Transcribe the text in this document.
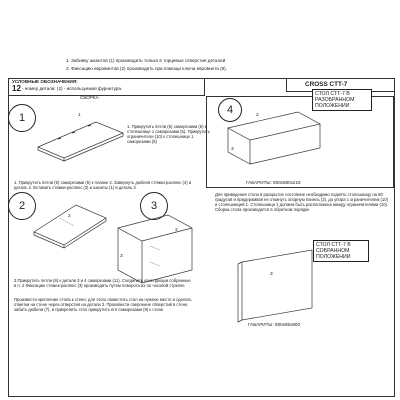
1. Забивку шкантов (1) производить только в торцевые отверстия деталей
2. Фиксацию евровинтов (2) производить при помощи ключа евровинта (8).
CROSS CTT-7
УСЛОВНЫЕ ОБОЗНАЧЕНИЯ:
12 - номер детали; (2) - используемая фурнитура.
СБОРКА
1	1
1. Прикрутить петли (6) саморезами (5) к столешнице 1 саморезами (5). Прикрутить ограничители (10) к столешнице 1 саморезами (5)
1. Прикрутить петли (6) саморезами (5) к планке 2. Завернуть дюбеля стяжки-распекс (4) в деталь 2. Вставить стяжки-распекс (3) и шканты (1) в деталь 3
2
2
3
2
3
3.Прикрутить петли (6) к детали 3 и 4 саморезами (11). Соединить конструкции собранные в п. 2 Фиксацию стяжек-распекс (3) производить путем поворота их по часовой стрелке
Произвести крепление стола к стене; для этого поместить стол на нужное место и сделать отметки на стене через отверстия на детали 3. Произвести сверление отверстий в стене, забить дюбели (7), и прикрепить стол прикрутить его саморезами (9) к стене
4
СТОЛ СТТ-7 В РАЗОБРАННОМ ПОЛОЖЕНИИ
2
3
ГАБАРИТЫ: 800х580х218
Для приведения стола в раскрытое состояние необходимо поднять столешницу на 90 градусов и придерживая ее откинуть опорную панель (3), до упора с ограничителем (10) и столешницей 1. Столешница 1 должна быть расположена между ограничителями (10). Сборка стола производится в обратном порядке
СТОЛ СТТ-7 В СОБРАННОМ ПОЛОЖЕНИИ
3
ГАБАРИТЫ: 800х85х800
